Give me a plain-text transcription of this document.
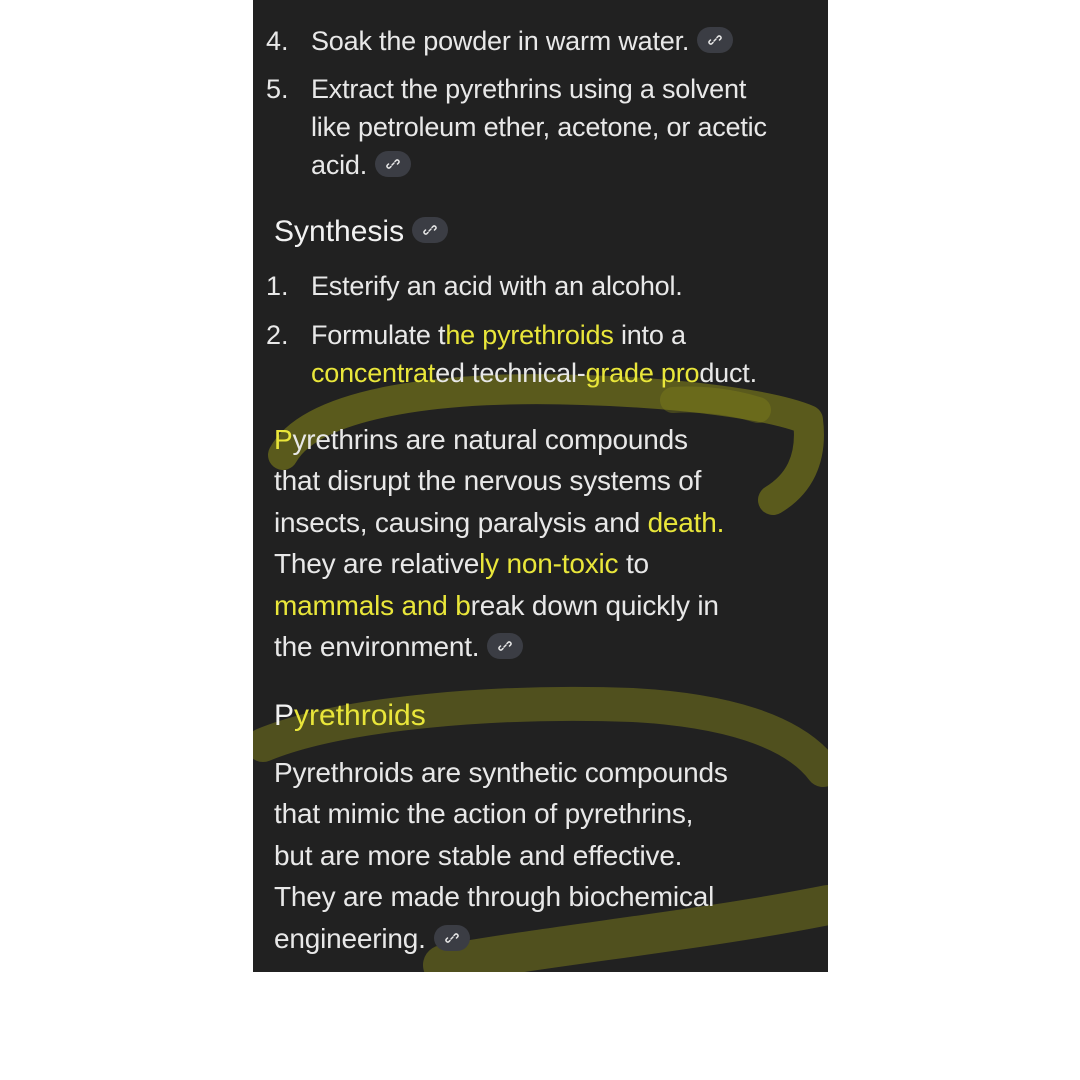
4. Soak the powder in warm water.
5. Extract the pyrethrins using a solvent
like petroleum ether, acetone, or acetic
acid.
Synthesis
1. Esterify an acid with an alcohol.
2. Formulate the pyrethroids into a
concentrated technical-grade product.
Pyrethrins are natural compounds
that disrupt the nervous systems of
insects, causing paralysis and death.
They are relatively non-toxic to
mammals and break down quickly in
the environment.
Pyrethroids
Pyrethroids are synthetic compounds
that mimic the action of pyrethrins,
but are more stable and effective.
They are made through biochemical
engineering.
